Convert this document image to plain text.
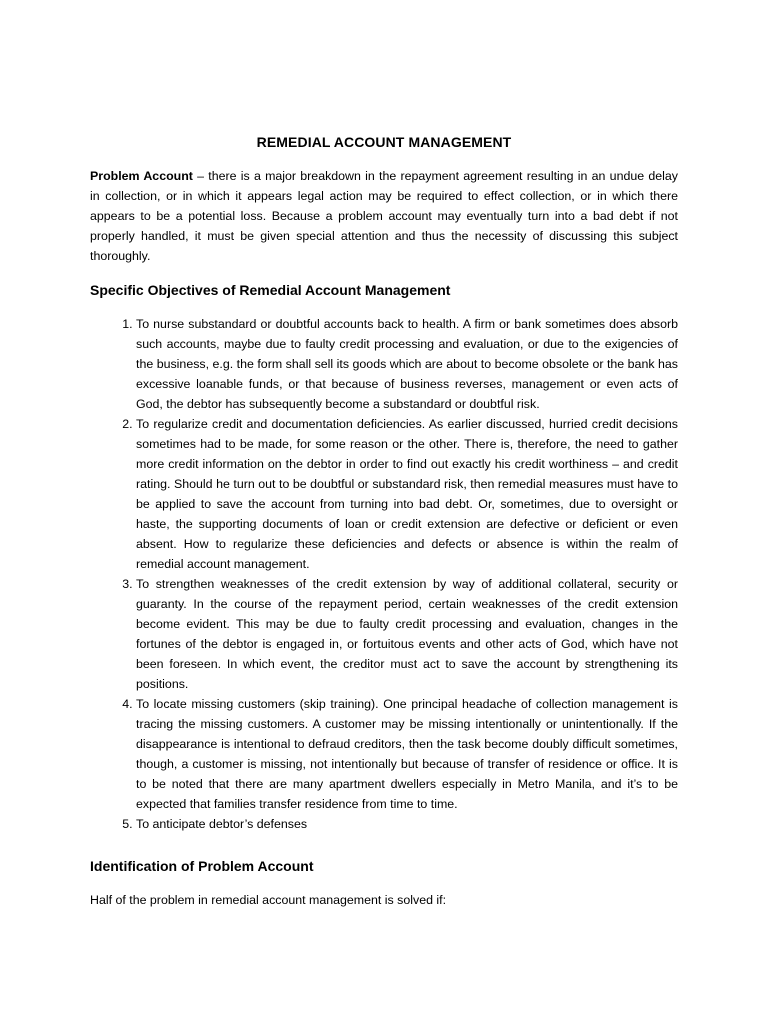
REMEDIAL ACCOUNT MANAGEMENT

Problem Account – there is a major breakdown in the repayment agreement resulting in an undue delay in collection, or in which it appears legal action may be required to effect collection, or in which there appears to be a potential loss. Because a problem account may eventually turn into a bad debt if not properly handled, it must be given special attention and thus the necessity of discussing this subject thoroughly.

Specific Objectives of Remedial Account Management
1. To nurse substandard or doubtful accounts back to health. A firm or bank sometimes does absorb such accounts, maybe due to faulty credit processing and evaluation, or due to the exigencies of the business, e.g. the form shall sell its goods which are about to become obsolete or the bank has excessive loanable funds, or that because of business reverses, management or even acts of God, the debtor has subsequently become a substandard or doubtful risk.
2. To regularize credit and documentation deficiencies. As earlier discussed, hurried credit decisions sometimes had to be made, for some reason or the other. There is, therefore, the need to gather more credit information on the debtor in order to find out exactly his credit worthiness – and credit rating. Should he turn out to be doubtful or substandard risk, then remedial measures must have to be applied to save the account from turning into bad debt. Or, sometimes, due to oversight or haste, the supporting documents of loan or credit extension are defective or deficient or even absent. How to regularize these deficiencies and defects or absence is within the realm of remedial account management.
3. To strengthen weaknesses of the credit extension by way of additional collateral, security or guaranty. In the course of the repayment period, certain weaknesses of the credit extension become evident. This may be due to faulty credit processing and evaluation, changes in the fortunes of the debtor is engaged in, or fortuitous events and other acts of God, which have not been foreseen. In which event, the creditor must act to save the account by strengthening its positions.
4. To locate missing customers (skip training). One principal headache of collection management is tracing the missing customers. A customer may be missing intentionally or unintentionally. If the disappearance is intentional to defraud creditors, then the task become doubly difficult sometimes, though, a customer is missing, not intentionally but because of transfer of residence or office. It is to be noted that there are many apartment dwellers especially in Metro Manila, and it’s to be expected that families transfer residence from time to time.
5. To anticipate debtor’s defenses
Identification of Problem Account

Half of the problem in remedial account management is solved if:
